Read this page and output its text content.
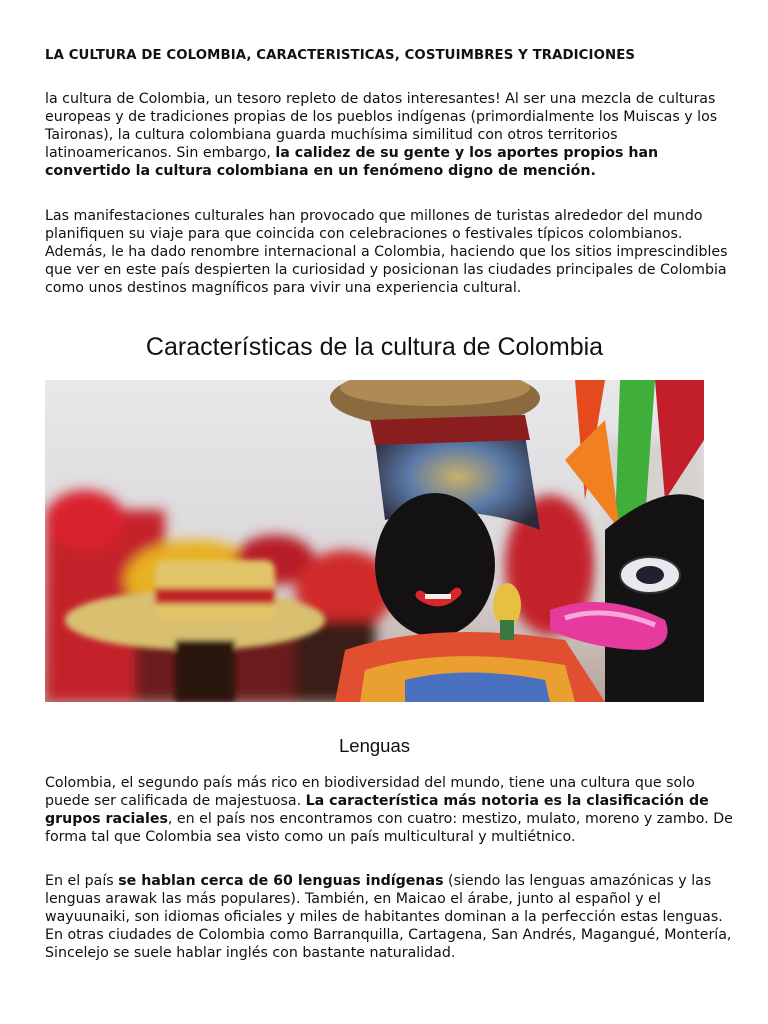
LA CULTURA DE COLOMBIA, CARACTERISTICAS, COSTUIMBRES Y TRADICIONES

la cultura de Colombia, un tesoro repleto de datos interesantes! Al ser una mezcla de culturas europeas y de tradiciones propias de los pueblos indígenas (primordialmente los Muiscas y los Taironas), la cultura colombiana guarda muchísima similitud con otros territorios latinoamericanos. Sin embargo, la calidez de su gente y los aportes propios han convertido la cultura colombiana en un fenómeno digno de mención.

Las manifestaciones culturales han provocado que millones de turistas alrededor del mundo planifiquen su viaje para que coincida con celebraciones o festivales típicos colombianos. Además, le ha dado renombre internacional a Colombia, haciendo que los sitios imprescindibles que ver en este país despierten la curiosidad y posicionan las ciudades principales de Colombia como unos destinos magníficos para vivir una experiencia cultural.

Características de la cultura de Colombia
Lenguas

Colombia, el segundo país más rico en biodiversidad del mundo, tiene una cultura que solo puede ser calificada de majestuosa. La característica más notoria es la clasificación de grupos raciales, en el país nos encontramos con cuatro: mestizo, mulato, moreno y zambo. De forma tal que Colombia sea visto como un país multicultural y multiétnico.

En el país se hablan cerca de 60 lenguas indígenas (siendo las lenguas amazónicas y las lenguas arawak las más populares). También, en Maicao el árabe, junto al español y el wayuunaiki, son idiomas oficiales y miles de habitantes dominan a la perfección estas lenguas. En otras ciudades de Colombia como Barranquilla, Cartagena, San Andrés, Magangué, Montería, Sincelejo se suele hablar inglés con bastante naturalidad.
